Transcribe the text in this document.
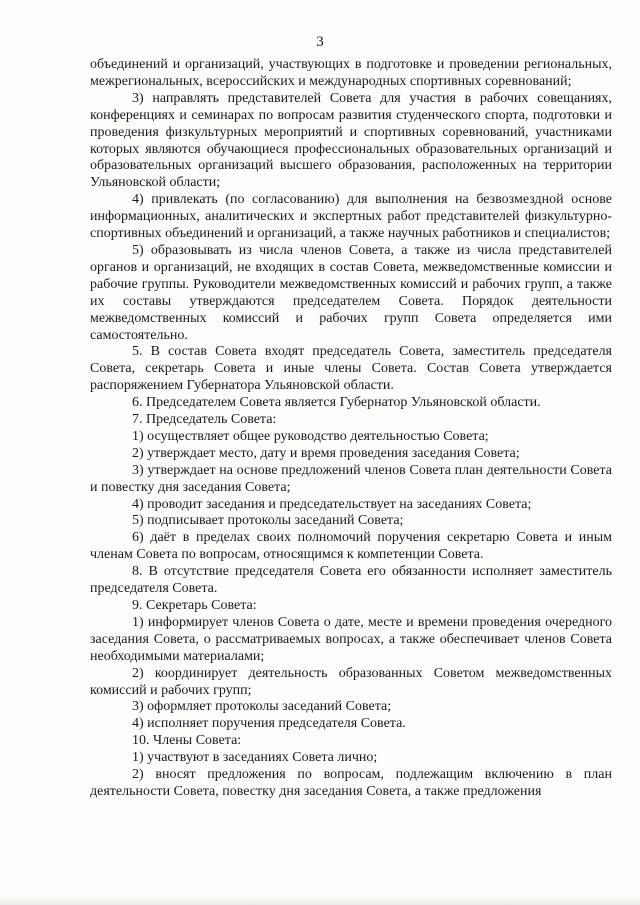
3

объединений и организаций, участвующих в подготовке и проведении региональных, межрегиональных, всероссийских и международных спортивных соревнований;

3) направлять представителей Совета для участия в рабочих совещаниях, конференциях и семинарах по вопросам развития студенческого спорта, подготовки и проведения физкультурных мероприятий и спортивных соревнований, участниками которых являются обучающиеся профессиональных образовательных организаций и образовательных организаций высшего образования, расположенных на территории Ульяновской области;

4) привлекать (по согласованию) для выполнения на безвозмездной основе информационных, аналитических и экспертных работ представителей физкультурно-спортивных объединений и организаций, а также научных работников и специалистов;

5) образовывать из числа членов Совета, а также из числа представителей органов и организаций, не входящих в состав Совета, межведомственные комиссии и рабочие группы. Руководители межведомственных комиссий и рабочих групп, а также их составы утверждаются председателем Совета. Порядок деятельности межведомственных комиссий и рабочих групп Совета определяется ими самостоятельно.

5. В состав Совета входят председатель Совета, заместитель председателя Совета, секретарь Совета и иные члены Совета. Состав Совета утверждается распоряжением Губернатора Ульяновской области.

6. Председателем Совета является Губернатор Ульяновской области.

7. Председатель Совета:

1) осуществляет общее руководство деятельностью Совета;

2) утверждает место, дату и время проведения заседания Совета;

3) утверждает на основе предложений членов Совета план деятельности Совета и повестку дня заседания Совета;

4) проводит заседания и председательствует на заседаниях Совета;

5) подписывает протоколы заседаний Совета;

6) даёт в пределах своих полномочий поручения секретарю Совета и иным членам Совета по вопросам, относящимся к компетенции Совета.

8. В отсутствие председателя Совета его обязанности исполняет заместитель председателя Совета.

9. Секретарь Совета:

1) информирует членов Совета о дате, месте и времени проведения очередного заседания Совета, о рассматриваемых вопросах, а также обеспечивает членов Совета необходимыми материалами;

2) координирует деятельность образованных Советом межведомственных комиссий и рабочих групп;

3) оформляет протоколы заседаний Совета;

4) исполняет поручения председателя Совета.

10. Члены Совета:

1) участвуют в заседаниях Совета лично;

2) вносят предложения по вопросам, подлежащим включению в план деятельности Совета, повестку дня заседания Совета, а также предложения
